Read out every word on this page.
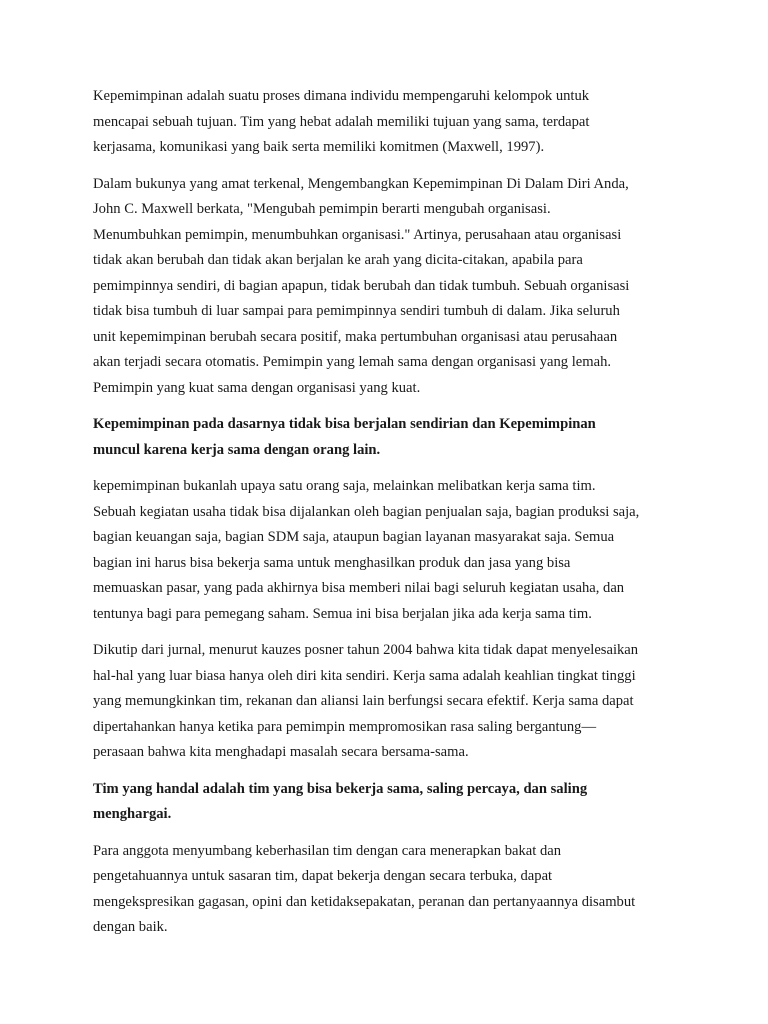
Kepemimpinan adalah suatu proses dimana individu mempengaruhi kelompok untuk
mencapai sebuah tujuan. Tim yang hebat adalah memiliki tujuan yang sama, terdapat
kerjasama, komunikasi yang baik serta memiliki komitmen (Maxwell, 1997).

Dalam bukunya yang amat terkenal, Mengembangkan Kepemimpinan Di Dalam Diri Anda,
John C. Maxwell berkata, "Mengubah pemimpin berarti mengubah organisasi.
Menumbuhkan pemimpin, menumbuhkan organisasi." Artinya, perusahaan atau organisasi
tidak akan berubah dan tidak akan berjalan ke arah yang dicita-citakan, apabila para
pemimpinnya sendiri, di bagian apapun, tidak berubah dan tidak tumbuh. Sebuah organisasi
tidak bisa tumbuh di luar sampai para pemimpinnya sendiri tumbuh di dalam. Jika seluruh
unit kepemimpinan berubah secara positif, maka pertumbuhan organisasi atau perusahaan
akan terjadi secara otomatis. Pemimpin yang lemah sama dengan organisasi yang lemah.
Pemimpin yang kuat sama dengan organisasi yang kuat.

Kepemimpinan pada dasarnya tidak bisa berjalan sendirian dan Kepemimpinan
muncul karena kerja sama dengan orang lain.

kepemimpinan bukanlah upaya satu orang saja, melainkan melibatkan kerja sama tim.
Sebuah kegiatan usaha tidak bisa dijalankan oleh bagian penjualan saja, bagian produksi saja,
bagian keuangan saja, bagian SDM saja, ataupun bagian layanan masyarakat saja. Semua
bagian ini harus bisa bekerja sama untuk menghasilkan produk dan jasa yang bisa
memuaskan pasar, yang pada akhirnya bisa memberi nilai bagi seluruh kegiatan usaha, dan
tentunya bagi para pemegang saham. Semua ini bisa berjalan jika ada kerja sama tim.

Dikutip dari jurnal, menurut kauzes posner tahun 2004 bahwa kita tidak dapat menyelesaikan
hal-hal yang luar biasa hanya oleh diri kita sendiri. Kerja sama adalah keahlian tingkat tinggi
yang memungkinkan tim, rekanan dan aliansi lain berfungsi secara efektif. Kerja sama dapat
dipertahankan hanya ketika para pemimpin mempromosikan rasa saling bergantung—
perasaan bahwa kita menghadapi masalah secara bersama-sama.

Tim yang handal adalah tim yang bisa bekerja sama, saling percaya, dan saling
menghargai.

Para anggota menyumbang keberhasilan tim dengan cara menerapkan bakat dan
pengetahuannya untuk sasaran tim, dapat bekerja dengan secara terbuka, dapat
mengekspresikan gagasan, opini dan ketidaksepakatan, peranan dan pertanyaannya disambut
dengan baik.
